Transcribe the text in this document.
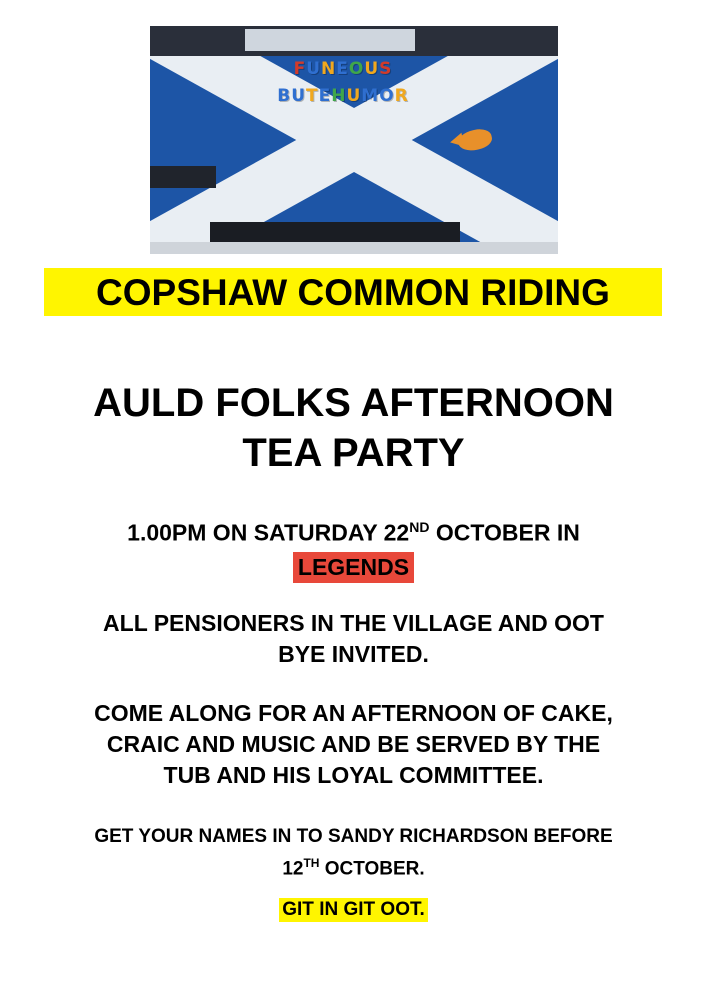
FUNEOUS
BUTEHUMOR
COPSHAW COMMON RIDING
AULD FOLKS AFTERNOON
TEA PARTY
1.00PM ON SATURDAY 22ND OCTOBER IN
LEGENDS
ALL PENSIONERS IN THE VILLAGE AND OOT
BYE INVITED.
COME ALONG FOR AN AFTERNOON OF CAKE,
CRAIC AND MUSIC AND BE SERVED BY THE
TUB AND HIS LOYAL COMMITTEE.
GET YOUR NAMES IN TO SANDY RICHARDSON BEFORE
12TH OCTOBER.
GIT IN GIT OOT.
